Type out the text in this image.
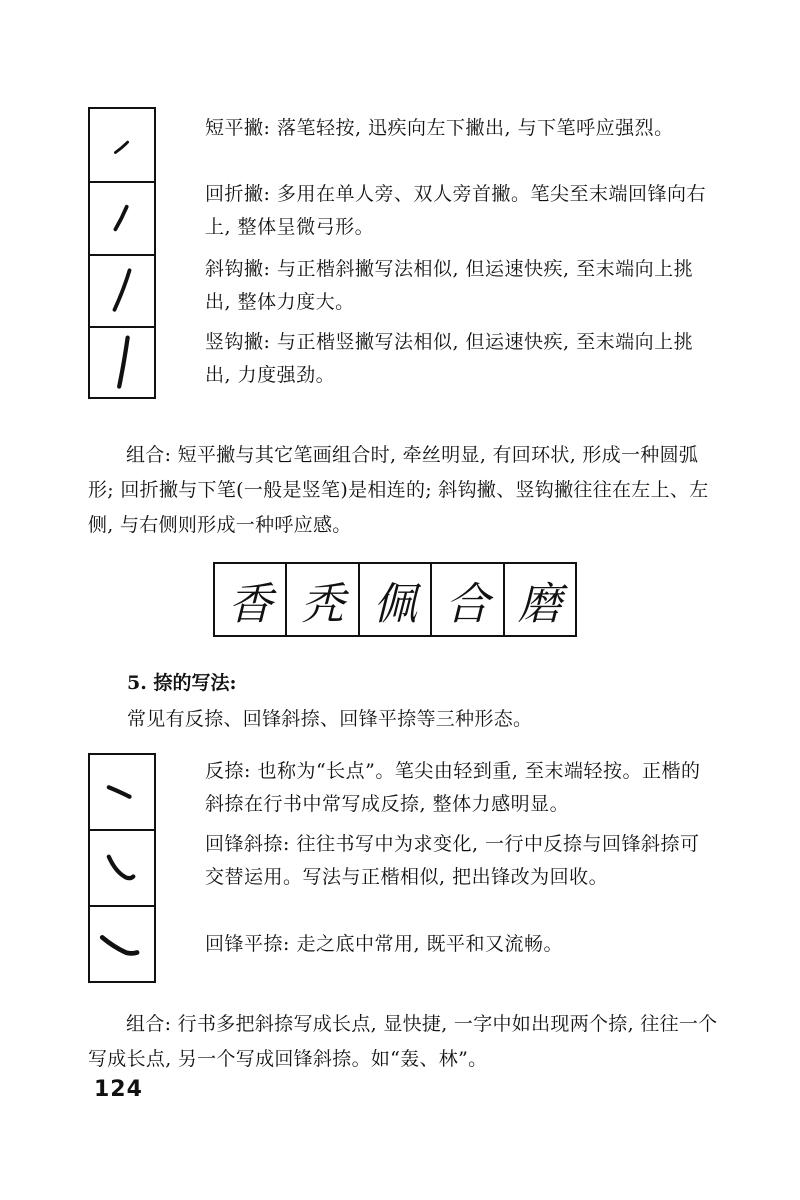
短平撇: 落笔轻按, 迅疾向左下撇出, 与下笔呼应强烈。
回折撇: 多用在单人旁、双人旁首撇。笔尖至末端回锋向右上, 整体呈微弓形。
斜钩撇: 与正楷斜撇写法相似, 但运速快疾, 至末端向上挑出, 整体力度大。
竖钩撇: 与正楷竖撇写法相似, 但运速快疾, 至末端向上挑出, 力度强劲。
组合: 短平撇与其它笔画组合时, 牵丝明显, 有回环状, 形成一种圆弧形; 回折撇与下笔(一般是竖笔)是相连的; 斜钩撇、竖钩撇往往在左上、左侧, 与右侧则形成一种呼应感。
香 秃 佩 合 磨
5. 捺的写法:
常见有反捺、回锋斜捺、回锋平捺等三种形态。
反捺: 也称为“长点”。笔尖由轻到重, 至末端轻按。正楷的斜捺在行书中常写成反捺, 整体力感明显。
回锋斜捺: 往往书写中为求变化, 一行中反捺与回锋斜捺可交替运用。写法与正楷相似, 把出锋改为回收。
回锋平捺: 走之底中常用, 既平和又流畅。
组合: 行书多把斜捺写成长点, 显快捷, 一字中如出现两个捺, 往往一个写成长点, 另一个写成回锋斜捺。如“轰、林”。
124
